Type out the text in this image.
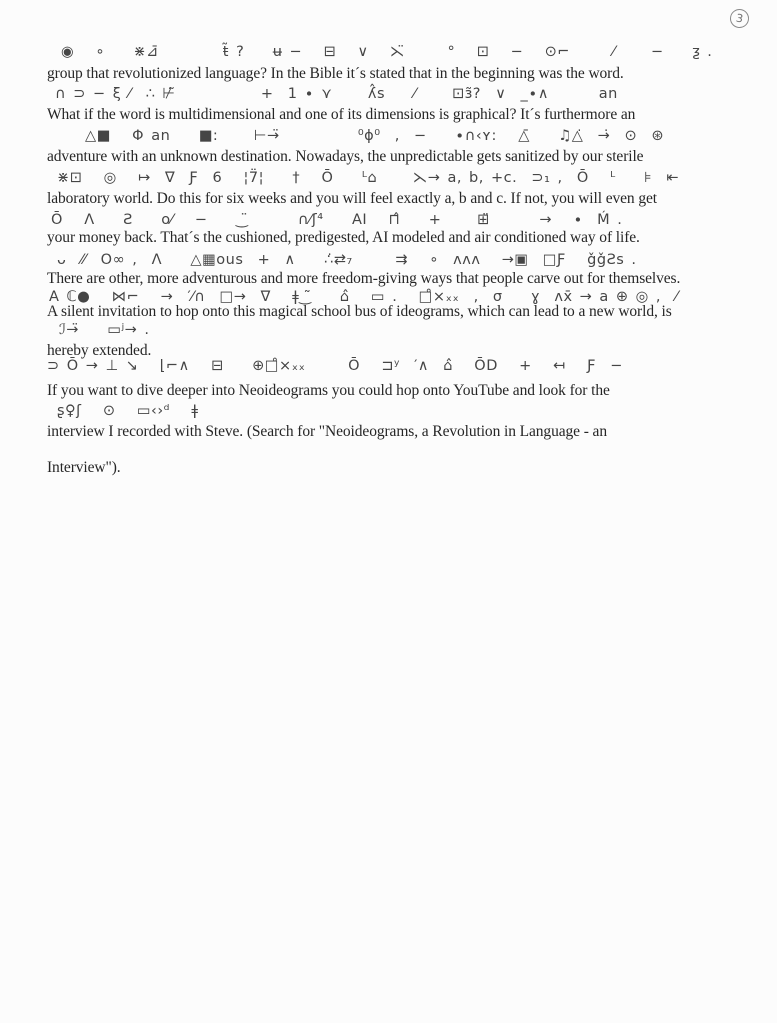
3
◉   ∘    ⋇⊿̄         ŧ̃ ?    ʉ −   ⊟   ∨   ⋋̈      °   ⊡   −   ⊙⌐      ⁄     −    ƺ .
group that revolutionized language? In the Bible it´s stated that in the beginning was the word.
∩ ⊃ − ξ ⁄  ∴ ⊬̃            +  1 ∙ ⋎     ʎ̂s    ⁄     ⊡ɜ̃?  ∨  _∙∧       an
What if the word is multidimensional and one of its dimensions is graphical? It´s furthermore an
△■   Φ an    ■:     ⊢→̈           ⁰ɸ⁰  ,  −    ∙∩‹ʏ:   △̄    ♫△̇  →̇  ⊙  ⊛
adventure with an unknown destination. Nowadays, the unpredictable gets sanitized by our sterile
⋇⊡   ◎   ↦  ∇  Ƒ  6   ¦7̈¦    †   Ō    ᴸ⌂     ⋋→ a, b, +c.  ⊃₁ ,  Ō   ᴸ    ⊧  ⇤
laboratory world. Do this for six weeks and you will feel exactly a, b and c. If not, you will even get
Ō   Λ    Ƨ    o⁄   −    ‿̈       ∩⁄ʃ⁴    AI   ⊓̂    +     ⊞̈       →   ∙  Ḿ .
your money back. That´s the cushioned, predigested, AI modeled and air conditioned way of life.
ᴗ  ⁄⁄  O∞ ,  Λ    △▦ous  +  ∧    ∴̇⇄₇      ⇉   ∘  ʌʌʌ   →▣  □Ƒ   ǧǧƧs .
There are other, more adventurous and more freedom-giving ways that people carve out for themselves.
A ℂ●   ⋈⌐   →  ′⁄∩  □→  ∇   ǂ‿̃    ⌂̂   ▭ .   □̊×ₓₓ  ,  σ    ɣ  ʌx̄ → a ⊕ ◎ ,  ⁄
A silent invitation to hop onto this magical school bus of ideograms, which can lead to a new world, is
ℐ→̈    ▭ʲ→ .
hereby extended.
⊃ Ō → ⊥ ↘   ⌊⌐∧   ⊟    ⊕□̊×ₓₓ      Ō   ⊐ʸ  ′∧  ⌂̂   ŌD   +   ↤   Ƒ  −
If you want to dive deeper into Neoideograms you could hop onto YouTube and look for the
ʂ♀ʃ   ⊙   ▭‹›ᵈ   ǂ
interview I recorded with Steve. (Search for "Neoideograms, a Revolution in Language - an
Interview").
